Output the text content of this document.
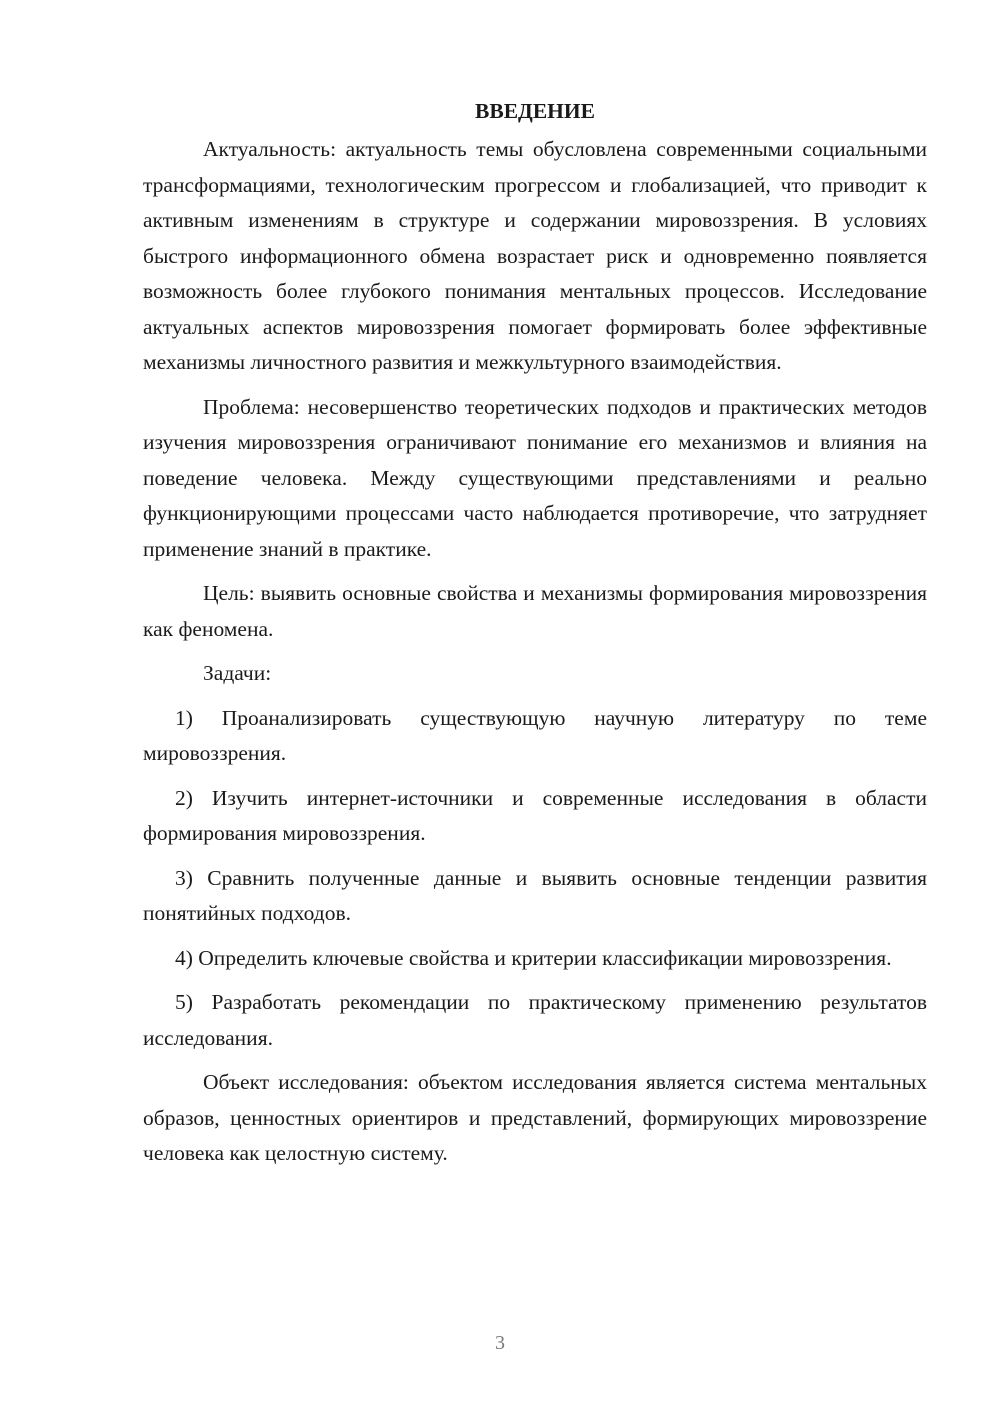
ВВЕДЕНИЕ

Актуальность: актуальность темы обусловлена современными социальными трансформациями, технологическим прогрессом и глобализацией, что приводит к активным изменениям в структуре и содержании мировоззрения. В условиях быстрого информационного обмена возрастает риск и одновременно появляется возможность более глубокого понимания ментальных процессов. Исследование актуальных аспектов мировоззрения помогает формировать более эффективные механизмы личностного развития и межкультурного взаимодействия.

Проблема: несовершенство теоретических подходов и практических методов изучения мировоззрения ограничивают понимание его механизмов и влияния на поведение человека. Между существующими представлениями и реально функционирующими процессами часто наблюдается противоречие, что затрудняет применение знаний в практике.

Цель: выявить основные свойства и механизмы формирования мировоззрения как феномена.

Задачи:

1) Проанализировать существующую научную литературу по теме мировоззрения.

2) Изучить интернет-источники и современные исследования в области формирования мировоззрения.

3) Сравнить полученные данные и выявить основные тенденции развития понятийных подходов.

4) Определить ключевые свойства и критерии классификации мировоззрения.

5) Разработать рекомендации по практическому применению результатов исследования.

Объект исследования: объектом исследования является система ментальных образов, ценностных ориентиров и представлений, формирующих мировоззрение человека как целостную систему.

3
